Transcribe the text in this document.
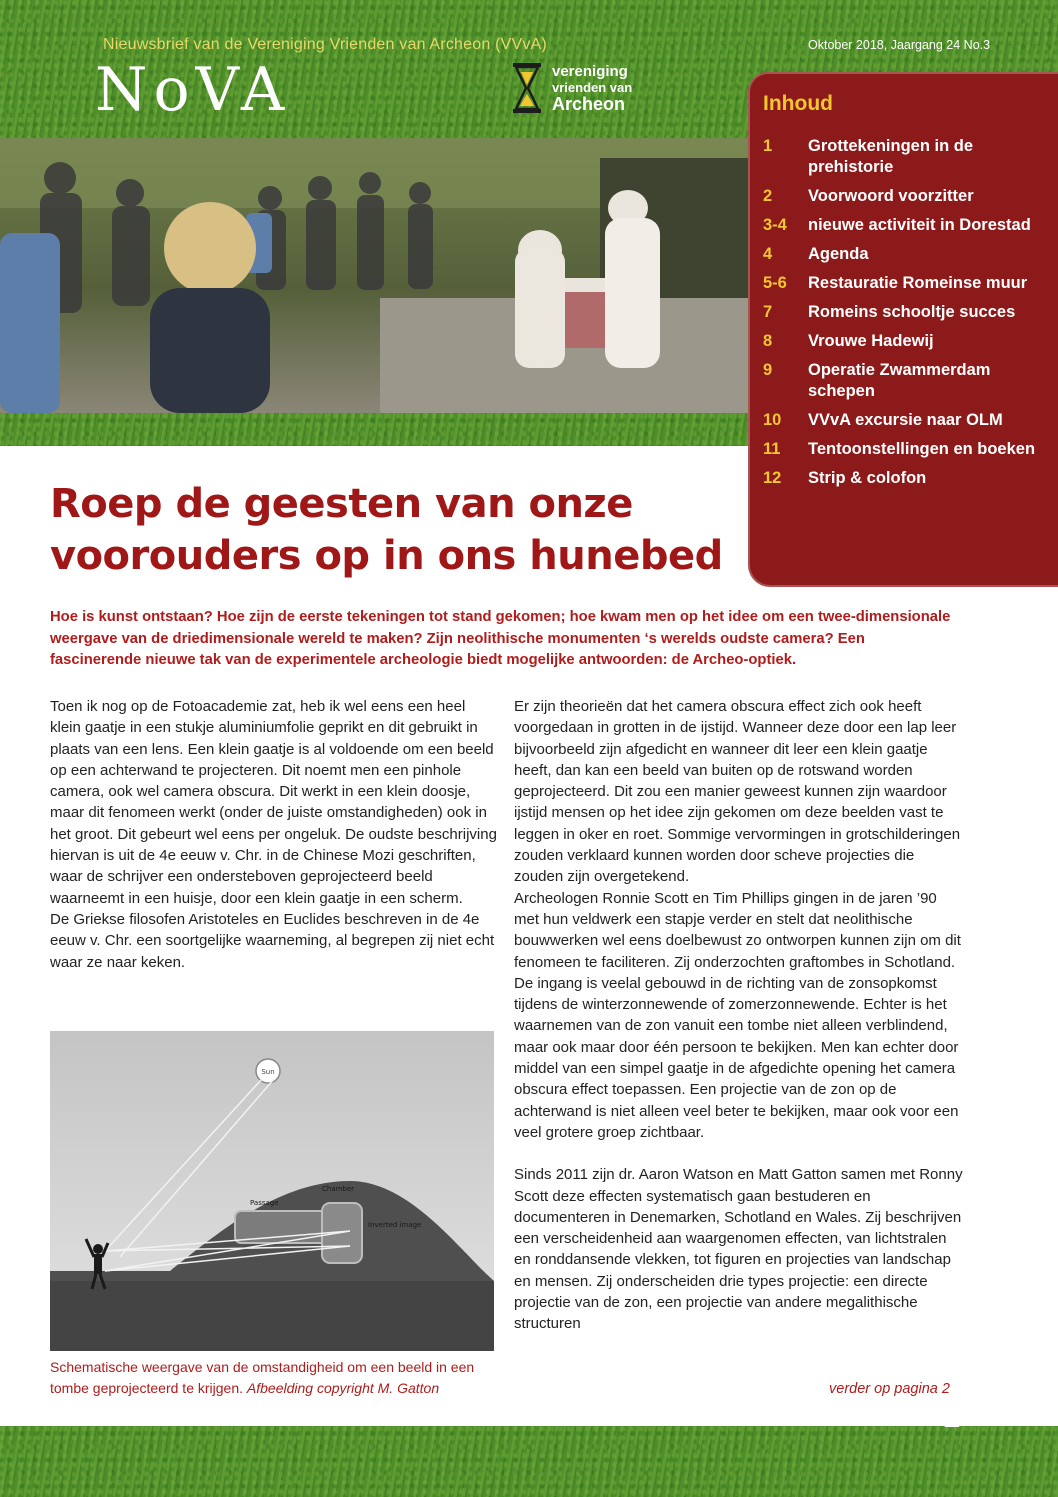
Nieuwsbrief van de Vereniging Vrienden van Archeon (VVvA)
NoVA	vereniging
vrienden van
Archeon
Oktober 2018, Jaargang 24 No.3
Inhoud
1	Grottekeningen in de prehistorie
2	Voorwoord voorzitter
3-4	nieuwe activiteit in Dorestad
4	Agenda
5-6	Restauratie Romeinse muur
7	Romeins schooltje succes
8	Vrouwe Hadewij
9	Operatie Zwammerdam schepen
10	VVvA excursie naar OLM
11	Tentoonstellingen en boeken
12	Strip & colofon
Roep de geesten van onze
voorouders op in ons hunebed

Hoe is kunst ontstaan? Hoe zijn de eerste tekeningen tot stand gekomen; hoe kwam men op het idee om een twee-dimensionale weergave van de driedimensionale wereld te maken? Zijn neolithische monumenten ‘s werelds oudste camera? Een fascinerende nieuwe tak van de experimentele archeologie biedt mogelijke antwoorden: de Archeo-optiek.

Toen ik nog op de Fotoacademie zat, heb ik wel eens een heel klein gaatje in een stukje aluminiumfolie geprikt en dit gebruikt in plaats van een lens. Een klein gaatje is al voldoende om een beeld op een achterwand te projecteren. Dit noemt men een pinhole camera, ook wel camera obscura. Dit werkt in een klein doosje, maar dit fenomeen werkt (onder de juiste omstandigheden) ook in het groot. Dit gebeurt wel eens per ongeluk. De oudste beschrijving hiervan is uit de 4e eeuw v. Chr. in de Chinese Mozi geschriften, waar de schrijver een ondersteboven geprojecteerd beeld waarneemt in een huisje, door een klein gaatje in een scherm.

De Griekse filosofen Aristoteles en Euclides beschreven in de 4e eeuw v. Chr. een soortgelijke waarneming, al begrepen zij niet echt waar ze naar keken.

Sun
Chamber
Passage
Inverted image

Schematische weergave van de omstandigheid om een beeld in een tombe geprojecteerd te krijgen. Afbeelding copyright M. Gatton

Er zijn theorieën dat het camera obscura effect zich ook heeft voorgedaan in grotten in de ijstijd. Wanneer deze door een lap leer bijvoorbeeld zijn afgedicht en wanneer dit leer een klein gaatje heeft, dan kan een beeld van buiten op de rotswand worden geprojecteerd. Dit zou een manier geweest kunnen zijn waardoor ijstijd mensen op het idee zijn gekomen om deze beelden vast te leggen in oker en roet. Sommige vervormingen in grotschilderingen zouden verklaard kunnen worden door scheve projecties die zouden zijn overgetekend.

Archeologen Ronnie Scott en Tim Phillips gingen in de jaren ’90 met hun veldwerk een stapje verder en stelt dat neolithische bouwwerken wel eens doelbewust zo ontworpen kunnen zijn om dit fenomeen te faciliteren. Zij onderzochten graftombes in Schotland. De ingang is veelal gebouwd in de richting van de zonsopkomst tijdens de winterzonnewende of zomerzonnewende. Echter is het waarnemen van de zon vanuit een tombe niet alleen verblindend, maar ook maar door één persoon te bekijken. Men kan echter door middel van een simpel gaatje in de afgedichte opening het camera obscura effect toepassen. Een projectie van de zon op de achterwand is niet alleen veel beter te bekijken, maar ook voor een veel grotere groep zichtbaar.

Sinds 2011 zijn dr. Aaron Watson en Matt Gatton samen met Ronny Scott deze effecten systematisch gaan bestuderen en documenteren in Denemarken, Schotland en Wales. Zij beschrijven een verscheidenheid aan waargenomen effecten, van lichtstralen en ronddansende vlekken, tot figuren en projecties van landschap en mensen. Zij onderscheiden drie types projectie: een directe projectie van de zon, een projectie van andere megalithische structuren

verder op pagina 2
1
